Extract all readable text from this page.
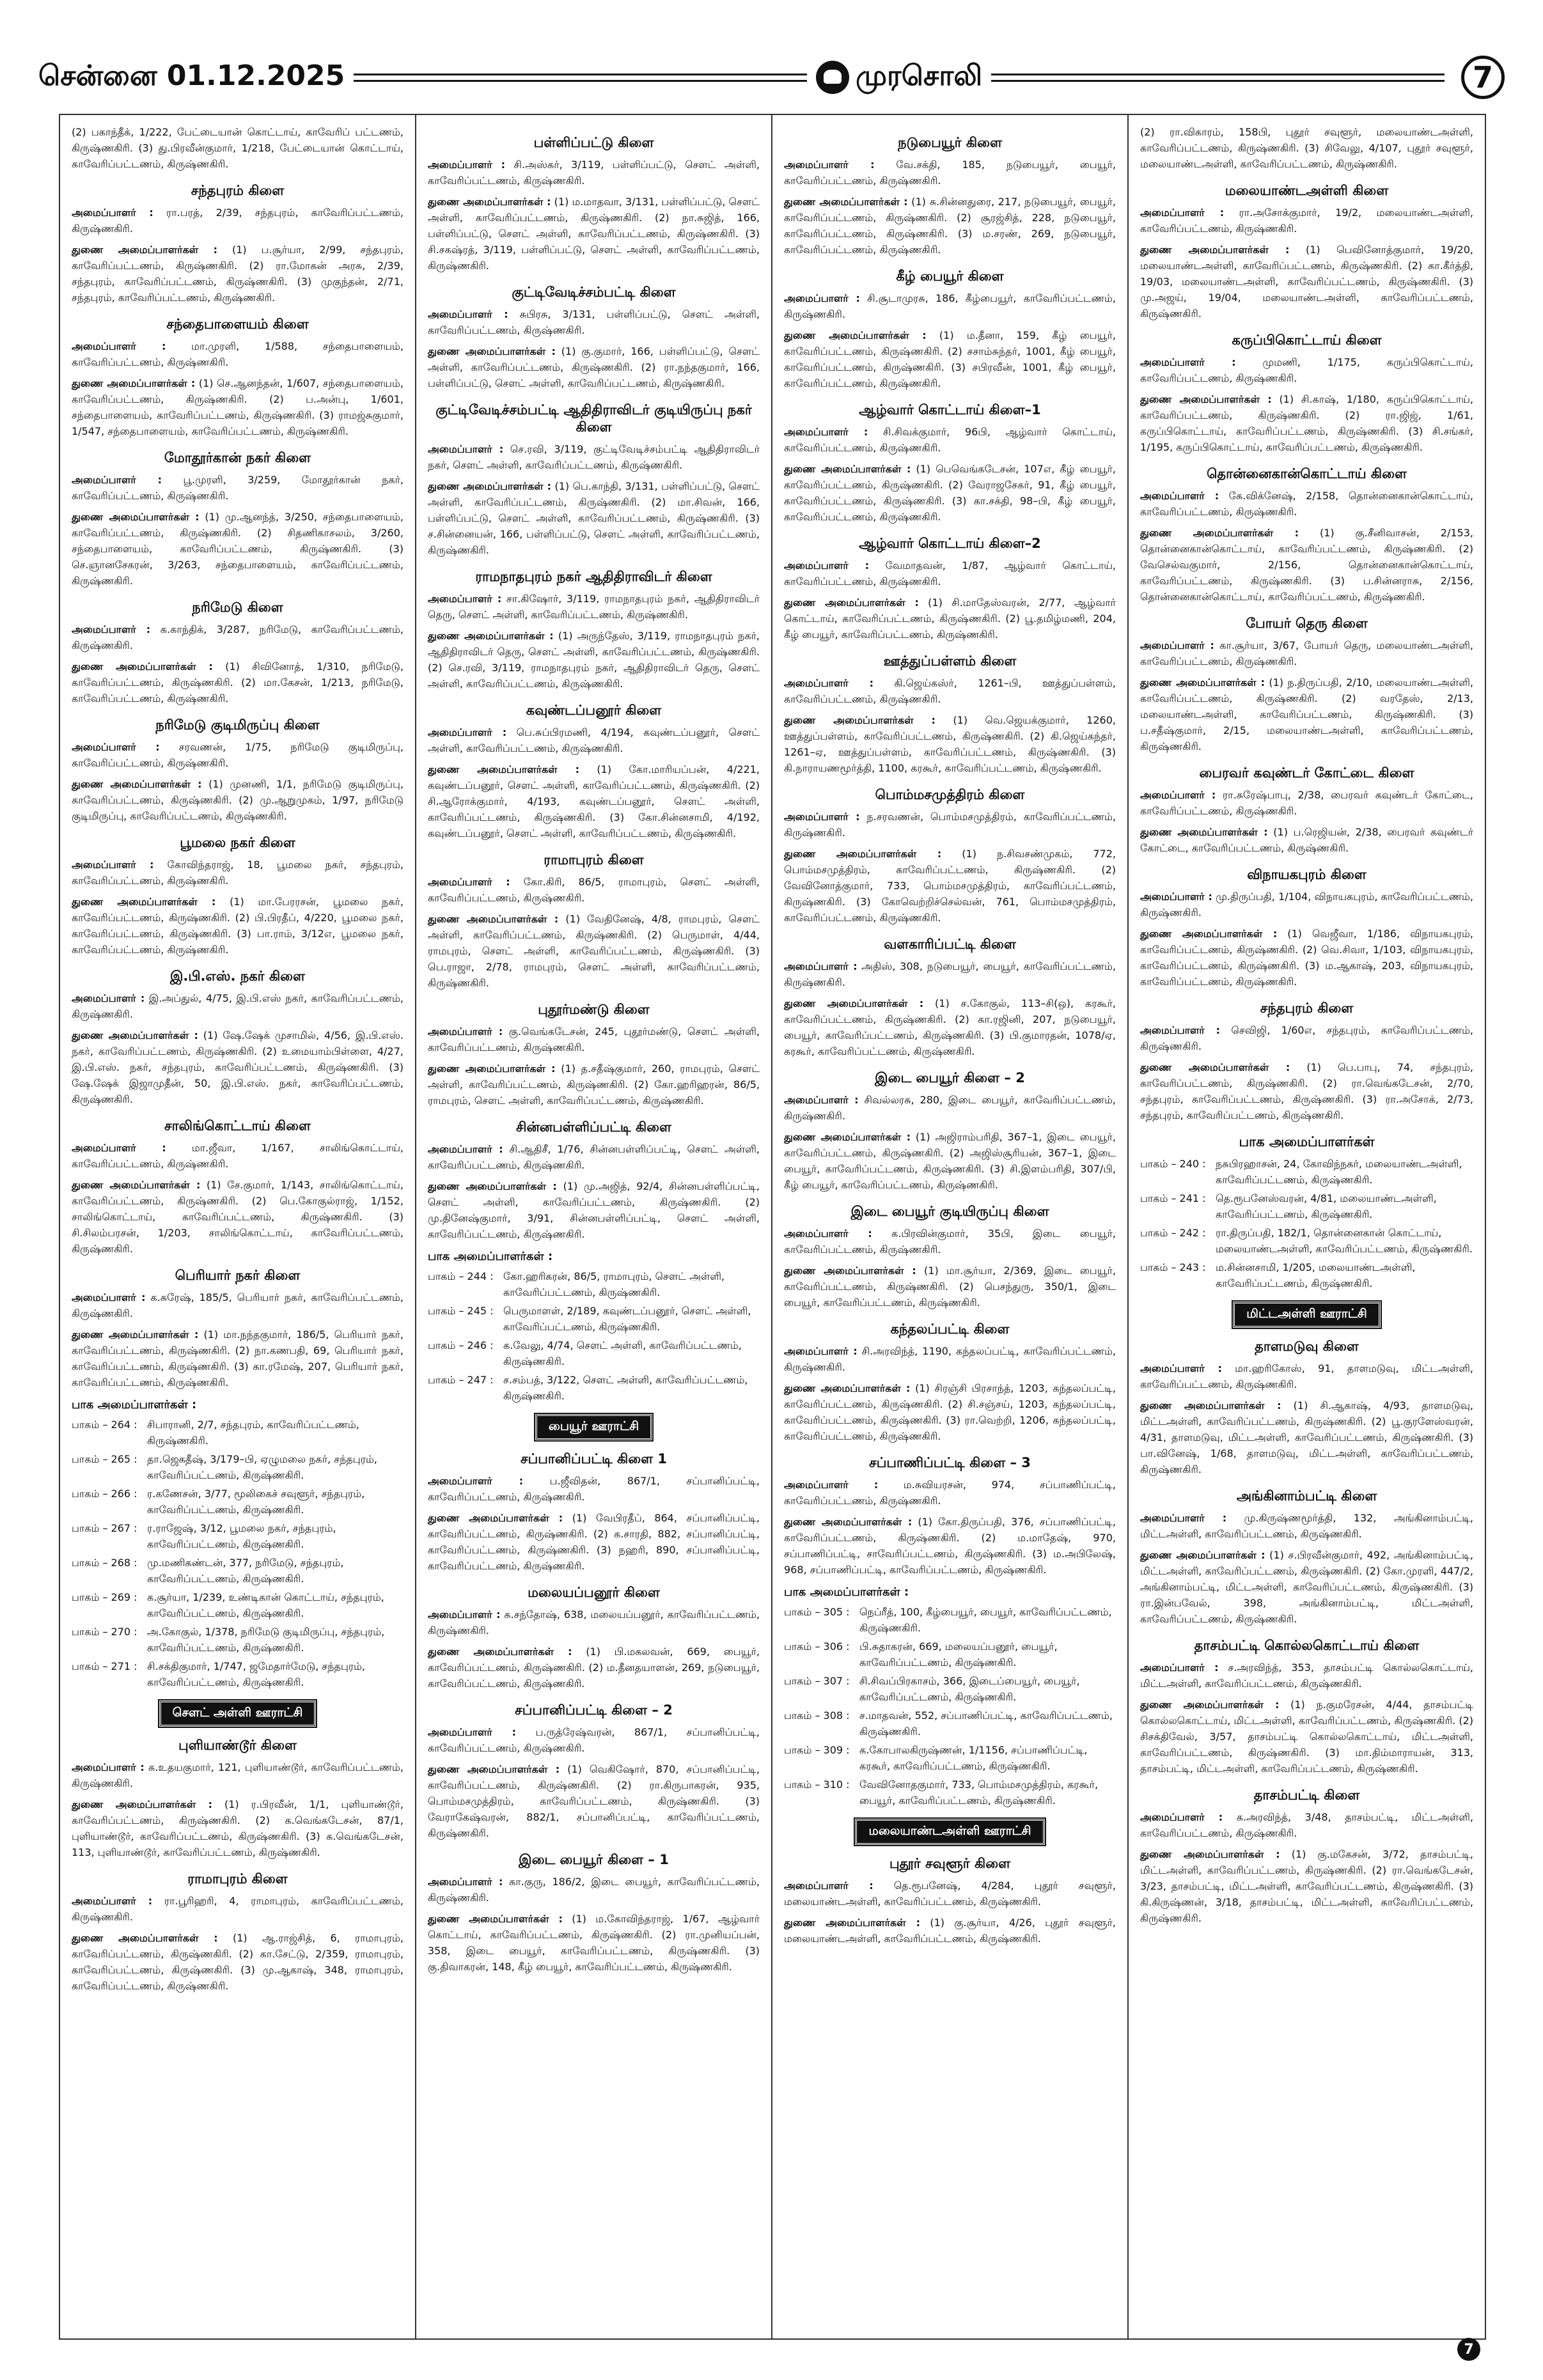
சென்னை 01.12.2025	முரசொலி	7
(2) பகாந்தீக், 1/222, பேட்டையான் கொட்டாய், காவேரிப் பட்டணம், கிருஷ்ணகிரி. (3) து.பிரவீன்குமார், 1/218, பேட்டையான் கொட்டாய், காவேரிப்பட்டணம், கிருஷ்ணகிரி.
சந்தபுரம் கிளை
அமைப்பாளர் : ரா.பரத், 2/39, சந்தபுரம், காவேரிப்பட்டணம், கிருஷ்ணகிரி.
துணை அமைப்பாளர்கள் : (1) ப.சூர்யா, 2/99, சந்தபுரம், காவேரிப்பட்டணம், கிருஷ்ணகிரி. (2) ரா.மோகன் அரசு, 2/39, சந்தபுரம், காவேரிப்பட்டணம், கிருஷ்ணகிரி. (3) முகுந்தன், 2/71, சந்தபுரம், காவேரிப்பட்டணம், கிருஷ்ணகிரி.
சந்தைபாளையம் கிளை
அமைப்பாளர் : மா.முரளி, 1/588, சந்தைபாளையம், காவேரிப்பட்டணம், கிருஷ்ணகிரி.
துணை அமைப்பாளர்கள் : (1) செ.ஆனந்தன், 1/607, சந்தைபாளையம், காவேரிப்பட்டணம், கிருஷ்ணகிரி. (2) ப.அன்பு, 1/601, சந்தைபாளையம், காவேரிப்பட்டணம், கிருஷ்ணகிரி. (3) ராமஜ்சுகுமார், 1/547, சந்தைபாளையம், காவேரிப்பட்டணம், கிருஷ்ணகிரி.
மோதூர்கான் நகர் கிளை
அமைப்பாளர் : பூ.முரளி, 3/259, மோதூர்கான் நகர், காவேரிப்பட்டணம், கிருஷ்ணகிரி.
துணை அமைப்பாளர்கள் : (1) மு.ஆனந்த், 3/250, சந்தைபாளையம், காவேரிப்பட்டணம், கிருஷ்ணகிரி. (2) சிதணிகாசலம், 3/260, சந்தைபாளையம், காவேரிப்பட்டணம், கிருஷ்ணகிரி. (3) செ.ஞானசேகரன், 3/263, சந்தைபாளையம், காவேரிப்பட்டணம், கிருஷ்ணகிரி.
நரிமேடு கிளை
அமைப்பாளர் : க.காந்திக், 3/287, நரிமேடு, காவேரிப்பட்டணம், கிருஷ்ணகிரி.
துணை அமைப்பாளர்கள் : (1) சிவினோத், 1/310, நரிமேடு, காவேரிப்பட்டணம், கிருஷ்ணகிரி. (2) மா.கேசன், 1/213, நரிமேடு, காவேரிப்பட்டணம், கிருஷ்ணகிரி.
நரிமேடு குடிமிருப்பு கிளை
அமைப்பாளர் : சரவணன், 1/75, நரிமேடு குடிமிருப்பு, காவேரிப்பட்டணம், கிருஷ்ணகிரி.
துணை அமைப்பாளர்கள் : (1) முனணி, 1/1, நரிமேடு குடிமிருப்பு, காவேரிப்பட்டணம், கிருஷ்ணகிரி. (2) மு.ஆறுமுகம், 1/97, நரிமேடு குடிமிருப்பு, காவேரிப்பட்டணம், கிருஷ்ணகிரி.
பூமலை நகர் கிளை
அமைப்பாளர் : கோவிந்தராஜ், 18, பூமலை நகர், சந்தபுரம், காவேரிப்பட்டணம், கிருஷ்ணகிரி.
துணை அமைப்பாளர்கள் : (1) மா.பேரரசன், பூமலை நகர், காவேரிப்பட்டணம், கிருஷ்ணகிரி. (2) பி.பிரதீப், 4/220, பூமலை நகர், காவேரிப்பட்டணம், கிருஷ்ணகிரி. (3) பா.ராம், 3/12எ, பூமலை நகர், காவேரிப்பட்டணம், கிருஷ்ணகிரி.
இ.பி.எஸ். நகர் கிளை
அமைப்பாளர் : இ.அப்துல், 4/75, இ.பி.எஸ் நகர், காவேரிப்பட்டணம், கிருஷ்ணகிரி.
துணை அமைப்பாளர்கள் : (1) ஷே.ஷேக் முசாமில், 4/56, இ.பி.எஸ். நகர், காவேரிப்பட்டணம், கிருஷ்ணகிரி. (2) உமையாம்பிள்ளை, 4/27, இ.பி.எஸ். நகர், சந்தபுரம், காவேரிப்பட்டணம், கிருஷ்ணகிரி. (3) ஷே.ஷேக் இஜாமுதீன், 50, இ.பி.எஸ். நகர், காவேரிப்பட்டணம், கிருஷ்ணகிரி.
சாலிங்கொட்டாய் கிளை
அமைப்பாளர் : மா.ஜீவா, 1/167, சாலிங்கொட்டாய், காவேரிப்பட்டணம், கிருஷ்ணகிரி.
துணை அமைப்பாளர்கள் : (1) சே.குமார், 1/143, சாலிங்கொட்டாய், காவேரிப்பட்டணம், கிருஷ்ணகிரி. (2) பெ.கோகுல்ராஜ், 1/152, சாலிங்கொட்டாய், காவேரிப்பட்டணம், கிருஷ்ணகிரி. (3) சி.சிலம்பரசன், 1/203, சாலிங்கொட்டாய், காவேரிப்பட்டணம், கிருஷ்ணகிரி.
பெரியார் நகர் கிளை
அமைப்பாளர் : க.சுரேஷ், 185/5, பெரியார் நகர், காவேரிப்பட்டணம், கிருஷ்ணகிரி.
துணை அமைப்பாளர்கள் : (1) மா.நந்தகுமார், 186/5, பெரியார் நகர், காவேரிப்பட்டணம், கிருஷ்ணகிரி. (2) நா.கணபதி, 69, பெரியார் நகர், காவேரிப்பட்டணம், கிருஷ்ணகிரி. (3) கா.ரமேஷ், 207, பெரியார் நகர், காவேரிப்பட்டணம், கிருஷ்ணகிரி.
பாக அமைப்பாளர்கள் :
பாகம் – 264 : சிபாரானி, 2/7, சந்தபுரம், காவேரிப்பட்டணம், கிருஷ்ணகிரி.
பாகம் – 265 : தா.ஜெகதீஷ், 3/179–பி, ஏழுமலை நகர், சந்தபுரம், காவேரிப்பட்டணம், கிருஷ்ணகிரி.
பாகம் – 266 : ர.கணேசன், 3/77, மூலிகைச் சவுளூர், சந்தபுரம், காவேரிப்பட்டணம், கிருஷ்ணகிரி.
பாகம் – 267 : ர.ராஜேஷ், 3/12, பூமலை நகர், சந்தபுரம், காவேரிப்பட்டணம், கிருஷ்ணகிரி.
பாகம் – 268 : மு.மணிகண்டன், 377, நரிமேடு, சந்தபுரம், காவேரிப்பட்டணம், கிருஷ்ணகிரி.
பாகம் – 269 : க.சூர்யா, 1/239, உண்டிகான் கொட்டாய், சந்தபுரம், காவேரிப்பட்டணம், கிருஷ்ணகிரி.
பாகம் – 270 : அ.கோகுல், 1/378, நரிமேடு குடிமிருப்பு, சந்தபுரம், காவேரிப்பட்டணம், கிருஷ்ணகிரி.
பாகம் – 271 : சி.சக்திகுமார், 1/747, ஜமேதார்மேடு, சந்தபுரம், காவேரிப்பட்டணம், கிருஷ்ணகிரி.
சௌட் அள்ளி ஊராட்சி
புளியாண்டூர் கிளை
அமைப்பாளர் : க.உதயகுமார், 121, புளியாண்டூர், காவேரிப்பட்டணம், கிருஷ்ணகிரி.
துணை அமைப்பாளர்கள் : (1) ர.பிரவீன், 1/1, புளியாண்டூர், காவேரிப்பட்டணம், கிருஷ்ணகிரி. (2) க.வெங்கடேசன், 87/1, புளியாண்டூர், காவேரிப்பட்டணம், கிருஷ்ணகிரி. (3) க.வெங்கடேசன், 113, புளியாண்டூர், காவேரிப்பட்டணம், கிருஷ்ணகிரி.
ராமாபுரம் கிளை
அமைப்பாளர் : ரா.பூரிஹரி, 4, ராமாபுரம், காவேரிப்பட்டணம், கிருஷ்ணகிரி.
துணை அமைப்பாளர்கள் : (1) ஆ.ராஜ்சித், 6, ராமாபுரம், காவேரிப்பட்டணம், கிருஷ்ணகிரி. (2) கா.சேட்டு, 2/359, ராமாபுரம், காவேரிப்பட்டணம், கிருஷ்ணகிரி. (3) மு.ஆகாஷ், 348, ராமாபுரம், காவேரிப்பட்டணம், கிருஷ்ணகிரி.
பள்ளிப்பட்டு கிளை
அமைப்பாளர் : சி.அஸ்கர், 3/119, பள்ளிப்பட்டு, சௌட் அள்ளி, காவேரிப்பட்டணம், கிருஷ்ணகிரி.
துணை அமைப்பாளர்கள் : (1) ம.மாதவா, 3/131, பள்ளிப்பட்டு, சௌட் அள்ளி, காவேரிப்பட்டணம், கிருஷ்ணகிரி. (2) நா.சுஜித், 166, பள்ளிப்பட்டு, சௌட் அள்ளி, காவேரிப்பட்டணம், கிருஷ்ணகிரி. (3) சி.சகஷ்ரத், 3/119, பள்ளிப்பட்டு, சௌட் அள்ளி, காவேரிப்பட்டணம், கிருஷ்ணகிரி.
குட்டிவேடிச்சம்பட்டி கிளை
அமைப்பாளர் : சுபிரசு, 3/131, பள்ளிப்பட்டு, சௌட் அள்ளி, காவேரிப்பட்டணம், கிருஷ்ணகிரி.
துணை அமைப்பாளர்கள் : (1) கு.குமார், 166, பள்ளிப்பட்டு, சௌட் அள்ளி, காவேரிப்பட்டணம், கிருஷ்ணகிரி. (2) ரா.நந்தகுமார், 166, பள்ளிப்பட்டு, சௌட் அள்ளி, காவேரிப்பட்டணம், கிருஷ்ணகிரி.
குட்டிவேடிச்சம்பட்டி ஆதிதிராவிடர் குடியிருப்பு நகர் கிளை
அமைப்பாளர் : செ.ரவி, 3/119, குட்டிவேடிச்சம்பட்டி ஆதிதிராவிடர் நகர், சௌட் அள்ளி, காவேரிப்பட்டணம், கிருஷ்ணகிரி.
துணை அமைப்பாளர்கள் : (1) பெ.காந்தி, 3/131, பள்ளிப்பட்டு, சௌட் அள்ளி, காவேரிப்பட்டணம், கிருஷ்ணகிரி. (2) மா.சிவன், 166, பள்ளிப்பட்டு, சௌட் அள்ளி, காவேரிப்பட்டணம், கிருஷ்ணகிரி. (3) ச.சின்னையன், 166, பள்ளிப்பட்டு, சௌட் அள்ளி, காவேரிப்பட்டணம், கிருஷ்ணகிரி.
ராமநாதபுரம் நகர் ஆதிதிராவிடர் கிளை
அமைப்பாளர் : சா.கிஷோர், 3/119, ராமநாதபுரம் நகர், ஆதிதிராவிடர் தெரு, சௌட் அள்ளி, காவேரிப்பட்டணம், கிருஷ்ணகிரி.
துணை அமைப்பாளர்கள் : (1) அருந்தேஸ், 3/119, ராமநாதபுரம் நகர், ஆதிதிராவிடர் தெரு, சௌட் அள்ளி, காவேரிப்பட்டணம், கிருஷ்ணகிரி. (2) செ.ரவி, 3/119, ராமநாதபுரம் நகர், ஆதிதிராவிடர் தெரு, சௌட் அள்ளி, காவேரிப்பட்டணம், கிருஷ்ணகிரி.
கவுண்டப்பனூர் கிளை
அமைப்பாளர் : பெ.சுப்பிரமணி, 4/194, கவுண்டப்பனூர், சௌட் அள்ளி, காவேரிப்பட்டணம், கிருஷ்ணகிரி.
துணை அமைப்பாளர்கள் : (1) கோ.மாரியப்பன், 4/221, கவுண்டப்பனூர், சௌட் அள்ளி, காவேரிப்பட்டணம், கிருஷ்ணகிரி. (2) சி.ஆரோக்குமார், 4/193, கவுண்டப்பனூர், சௌட் அள்ளி, காவேரிப்பட்டணம், கிருஷ்ணகிரி. (3) கோ.சின்னசாமி, 4/192, கவுண்டப்பனூர், சௌட் அள்ளி, காவேரிப்பட்டணம், கிருஷ்ணகிரி.
ராமாபுரம் கிளை
அமைப்பாளர் : கோ.கிரி, 86/5, ராமாபுரம், சௌட் அள்ளி, காவேரிப்பட்டணம், கிருஷ்ணகிரி.
துணை அமைப்பாளர்கள் : (1) வேதினேஷ், 4/8, ராமபுரம், சௌட் அள்ளி, காவேரிப்பட்டணம், கிருஷ்ணகிரி. (2) பெருமாள், 4/44, ராமபுரம், சௌட் அள்ளி, காவேரிப்பட்டணம், கிருஷ்ணகிரி. (3) பெ.ராஜா, 2/78, ராமபுரம், சௌட் அள்ளி, காவேரிப்பட்டணம், கிருஷ்ணகிரி.
புதூர்மண்டு கிளை
அமைப்பாளர் : கு.வெங்கடேசன், 245, புதூர்மண்டு, சௌட் அள்ளி, காவேரிப்பட்டணம், கிருஷ்ணகிரி.
துணை அமைப்பாளர்கள் : (1) த.சதீஷ்குமார், 260, ராமபுரம், சௌட் அள்ளி, காவேரிப்பட்டணம், கிருஷ்ணகிரி. (2) கோ.ஹரிஹரன், 86/5, ராமபுரம், சௌட் அள்ளி, காவேரிப்பட்டணம், கிருஷ்ணகிரி.
சின்னபள்ளிப்பட்டி கிளை
அமைப்பாளர் : சி.ஆதிசீ, 1/76, சின்னபள்ளிப்பட்டி, சௌட் அள்ளி, காவேரிப்பட்டணம், கிருஷ்ணகிரி.
துணை அமைப்பாளர்கள் : (1) மு.அஜித், 92/4, சின்னபள்ளிப்பட்டி, சௌட் அள்ளி, காவேரிப்பட்டணம், கிருஷ்ணகிரி. (2) மு.தினேஷ்குமார், 3/91, சின்னபள்ளிப்பட்டி, சௌட் அள்ளி, காவேரிப்பட்டணம், கிருஷ்ணகிரி.
பாக அமைப்பாளர்கள் :
பாகம் – 244 : கோ.ஹரிகரன், 86/5, ராமாபுரம், சௌட் அள்ளி, காவேரிப்பட்டணம், கிருஷ்ணகிரி.
பாகம் – 245 : பெருமாளள், 2/189, கவுண்டப்பனூர், சௌட் அள்ளி, காவேரிப்பட்டணம், கிருஷ்ணகிரி.
பாகம் – 246 : க.வேலு, 4/74, சௌட் அள்ளி, காவேரிப்பட்டணம், கிருஷ்ணகிரி.
பாகம் – 247 : ச.சம்பத், 3/122, சௌட் அள்ளி, காவேரிப்பட்டணம், கிருஷ்ணகிரி.
பையூர் ஊராட்சி
சப்பானிப்பட்டி கிளை 1
அமைப்பாளர் : ப.ஜீவிதன், 867/1, சப்பானிப்பட்டி, காவேரிப்பட்டணம், கிருஷ்ணகிரி.
துணை அமைப்பாளர்கள் : (1) வேபிரதீப், 864, சப்பானிப்பட்டி, காவேரிப்பட்டணம், கிருஷ்ணகிரி. (2) க.சாரதி, 882, சப்பானிப்பட்டி, காவேரிப்பட்டணம், கிருஷ்ணகிரி. (3) நஹரி, 890, சப்பானிப்பட்டி, காவேரிப்பட்டணம், கிருஷ்ணகிரி.
மலையப்பனூர் கிளை
அமைப்பாளர் : க.சந்தோஷ், 638, மலையப்பனூர், காவேரிப்பட்டணம், கிருஷ்ணகிரி.
துணை அமைப்பாளர்கள் : (1) பி.மகலவன், 669, பையூர், காவேரிப்பட்டணம், கிருஷ்ணகிரி. (2) ம.தீனதயாளன், 269, நடுபையூர், காவேரிப்பட்டணம், கிருஷ்ணகிரி.
சப்பானிப்பட்டி கிளை – 2
அமைப்பாளர் : ப.ருத்ரேஷ்வரன், 867/1, சப்பானிப்பட்டி, காவேரிப்பட்டணம், கிருஷ்ணகிரி.
துணை அமைப்பாளர்கள் : (1) வெகிஷோர், 870, சப்பானிப்பட்டி, காவேரிப்பட்டணம், கிருஷ்ணகிரி. (2) ரா.கிருபாகரன், 935, பொம்மசமுத்திரம், காவேரிப்பட்டணம், கிருஷ்ணகிரி. (3) வேராகேஷ்வரன், 882/1, சப்பானிப்பட்டி, காவேரிப்பட்டணம், கிருஷ்ணகிரி.
இடை பையூர் கிளை – 1
அமைப்பாளர் : கா.குரு, 186/2, இடை பையூர், காவேரிப்பட்டணம், கிருஷ்ணகிரி.
துணை அமைப்பாளர்கள் : (1) ம.கோவிந்தராஜ், 1/67, ஆழ்வார் கொட்டாய், காவேரிப்பட்டணம், கிருஷ்ணகிரி. (2) ரா.முனியப்பன், 358, இடை பையூர், காவேரிப்பட்டணம், கிருஷ்ணகிரி. (3) கு.திவாகரன், 148, கீழ் பையூர், காவேரிப்பட்டணம், கிருஷ்ணகிரி.
நடுபையூர் கிளை
அமைப்பாளர் : வே.சக்தி, 185, நடுபையூர், பையூர், காவேரிப்பட்டணம், கிருஷ்ணகிரி.
துணை அமைப்பாளர்கள் : (1) சு.சின்னதுரை, 217, நடுபையூர், பையூர், காவேரிப்பட்டணம், கிருஷ்ணகிரி. (2) சூரஜ்சித், 228, நடுபையூர், காவேரிப்பட்டணம், கிருஷ்ணகிரி. (3) ம.சரண், 269, நடுபையூர், காவேரிப்பட்டணம், கிருஷ்ணகிரி.
கீழ் பையூர் கிளை
அமைப்பாளர் : சி.சூடாமுரசு, 186, கீழ்பையூர், காவேரிப்பட்டணம், கிருஷ்ணகிரி.
துணை அமைப்பாளர்கள் : (1) ம.தீனா, 159, கீழ் பையூர், காவேரிப்பட்டணம், கிருஷ்ணகிரி. (2) சசாம்சுந்தர், 1001, கீழ் பையூர், காவேரிப்பட்டணம், கிருஷ்ணகிரி. (3) சபிரவீன், 1001, கீழ் பையூர், காவேரிப்பட்டணம், கிருஷ்ணகிரி.
ஆழ்வார் கொட்டாய் கிளை–1
அமைப்பாளர் : சி.சிவக்குமார், 96பி, ஆழ்வார் கொட்டாய், காவேரிப்பட்டணம், கிருஷ்ணகிரி.
துணை அமைப்பாளர்கள் : (1) பெவெங்கடேசன், 107எ, கீழ் பையூர், காவேரிப்பட்டணம், கிருஷ்ணகிரி. (2) வேராஜசேகர், 91, கீழ் பையூர், காவேரிப்பட்டணம், கிருஷ்ணகிரி. (3) கா.சக்தி, 98–பி, கீழ் பையூர், காவேரிப்பட்டணம், கிருஷ்ணகிரி.
ஆழ்வார் கொட்டாய் கிளை–2
அமைப்பாளர் : வேமாதவன், 1/87, ஆழ்வார் கொட்டாய், காவேரிப்பட்டணம், கிருஷ்ணகிரி.
துணை அமைப்பாளர்கள் : (1) சி.மாதேஸ்வரன், 2/77, ஆழ்வார் கொட்டாய், காவேரிப்பட்டணம், கிருஷ்ணகிரி. (2) பூ.தமிழ்மணி, 204, கீழ் பையூர், காவேரிப்பட்டணம், கிருஷ்ணகிரி.
ஊத்துப்பள்ளம் கிளை
அமைப்பாளர் : கி.ஜெய்கஸ்ர், 1261–பி, ஊத்துப்பள்ளம், காவேரிப்பட்டணம், கிருஷ்ணகிரி.
துணை அமைப்பாளர்கள் : (1) வெ.ஜெயக்குமார், 1260, ஊத்துப்பள்ளம், காவேரிப்பட்டணம், கிருஷ்ணகிரி. (2) கி.ஜெய்கந்தர், 1261–ஏ, ஊத்துப்பள்ளம், காவேரிப்பட்டணம், கிருஷ்ணகிரி. (3) கி.நாராயணமூர்த்தி, 1100, கரகூர், காவேரிப்பட்டணம், கிருஷ்ணகிரி.
பொம்மசமுத்திரம் கிளை
அமைப்பாளர் : ந.சரவணன், பொம்மசமுத்திரம், காவேரிப்பட்டணம், கிருஷ்ணகிரி.
துணை அமைப்பாளர்கள் : (1) ந.சிவசண்முகம், 772, பொம்மசமுத்திரம், காவேரிப்பட்டணம், கிருஷ்ணகிரி. (2) வேவினோத்குமார், 733, பொம்மசமுத்திரம், காவேரிப்பட்டணம், கிருஷ்ணகிரி. (3) கோவெற்றிச்செல்வன், 761, பொம்மசமுத்திரம், காவேரிப்பட்டணம், கிருஷ்ணகிரி.
வளகாரிப்பட்டி கிளை
அமைப்பாளர் : அதிஸ், 308, நடுபையூர், பையூர், காவேரிப்பட்டணம், கிருஷ்ணகிரி.
துணை அமைப்பாளர்கள் : (1) ச.கோகுல், 113–சி(ஒ), கரகூர், காவேரிப்பட்டணம், கிருஷ்ணகிரி. (2) கா.ரஜினி, 207, நடுபையூர், பையூர், காவேரிப்பட்டணம், கிருஷ்ணகிரி. (3) பி.குமாரதன், 1078/ஏ, கரகூர், காவேரிப்பட்டணம், கிருஷ்ணகிரி.
இடை பையூர் கிளை – 2
அமைப்பாளர் : சிவல்லரசு, 280, இடை பையூர், காவேரிப்பட்டணம், கிருஷ்ணகிரி.
துணை அமைப்பாளர்கள் : (1) அஜிராம்பரிதி, 367–1, இடை பையூர், காவேரிப்பட்டணம், கிருஷ்ணகிரி. (2) அஜிஸ்சூரியன், 367–1, இடை பையூர், காவேரிப்பட்டணம், கிருஷ்ணகிரி. (3) சி.இளம்பரிதி, 307/பி, கீழ் பையூர், காவேரிப்பட்டணம், கிருஷ்ணகிரி.
இடை பையூர் குடியிருப்பு கிளை
அமைப்பாளர் : க.பிரவின்குமார், 35பி, இடை பையூர், காவேரிப்பட்டணம், கிருஷ்ணகிரி.
துணை அமைப்பாளர்கள் : (1) மா.சூர்யா, 2/369, இடை பையூர், காவேரிப்பட்டணம், கிருஷ்ணகிரி. (2) பெசந்துரு, 350/1, இடை பையூர், காவேரிப்பட்டணம், கிருஷ்ணகிரி.
கந்தலப்பட்டி கிளை
அமைப்பாளர் : சி.அரவிந்த், 1190, கந்தலப்பட்டி, காவேரிப்பட்டணம், கிருஷ்ணகிரி.
துணை அமைப்பாளர்கள் : (1) சிரஞ்சி பிரசாந்த், 1203, கந்தலப்பட்டி, காவேரிப்பட்டணம், கிருஷ்ணகிரி. (2) சி.சஞ்சய், 1203, கந்தலப்பட்டி, காவேரிப்பட்டணம், கிருஷ்ணகிரி. (3) ரா.வெற்றி, 1206, கந்தலப்பட்டி, காவேரிப்பட்டணம், கிருஷ்ணகிரி.
சப்பாணிப்பட்டி கிளை – 3
அமைப்பாளர் : ம.சுவியரசன், 974, சப்பாணிப்பட்டி, காவேரிப்பட்டணம், கிருஷ்ணகிரி.
துணை அமைப்பாளர்கள் : (1) கோ.திருப்பதி, 376, சப்பாணிப்பட்டி, காவேரிப்பட்டணம், கிருஷ்ணகிரி. (2) ம.மாதேஷ், 970, சப்பாணிப்பட்டி, சாவேரிப்பட்டணம், கிருஷ்ணகிரி. (3) ம.அபிலேஷ், 968, சப்பாணிப்பட்டி, காவேரிப்பட்டணம், கிருஷ்ணகிரி.
பாக அமைப்பாளர்கள் :
பாகம் – 305 : நெப்ரீத், 100, கீழ்பையூர், பையூர், காவேரிப்பட்டணம், கிருஷ்ணகிரி.
பாகம் – 306 : பி.சுதாகரன், 669, மலையப்பனூர், பையூர், காவேரிப்பட்டணம், கிருஷ்ணகிரி.
பாகம் – 307 : சி.சிவப்பிரகாசம், 366, இடைப்பையூர், பையூர், காவேரிப்பட்டணம், கிருஷ்ணகிரி.
பாகம் – 308 : ச.மாதவன், 552, சப்பாணிப்பட்டி, காவேரிப்பட்டணம், கிருஷ்ணகிரி.
பாகம் – 309 : க.கோபாலகிருஷ்ணன், 1/1156, சப்பாணிப்பட்டி, கரகூர், காவேரிப்பட்டணம், கிருஷ்ணகிரி.
பாகம் – 310 : வேவினோதகுமார், 733, பொம்மசமுத்திரம், கரகூர், பையூர், காவேரிப்பட்டணம், கிருஷ்ணகிரி.
மலையாண்டஅள்ளி ஊராட்சி
புதூர் சவுளூர் கிளை
அமைப்பாளர் : தெ.ரூபனேஷ், 4/284, புதூர் சவுளூர், மலையாண்டஅள்ளி, காவேரிப்பட்டணம், கிருஷ்ணகிரி.
துணை அமைப்பாளர்கள் : (1) கு.சூர்யா, 4/26, புதூர் சவுளூர், மலையாண்டஅள்ளி, காவேரிப்பட்டணம், கிருஷ்ணகிரி.
(2) ரா.விகாரம், 158பி, புதூர் சவுளூர், மலையாண்டஅள்ளி, காவேரிப்பட்டணம், கிருஷ்ணகிரி. (3) சிவேலு, 4/107, புதூர் சவுளூர், மலையாண்டஅள்ளி, காவேரிப்பட்டணம், கிருஷ்ணகிரி.
மலையாண்டஅள்ளி கிளை
அமைப்பாளர் : ரா.அசோக்குமார், 19/2, மலையாண்டஅள்ளி, காவேரிப்பட்டணம், கிருஷ்ணகிரி.
துணை அமைப்பாளர்கள் : (1) பெவினோத்குமார், 19/20, மலையாண்டஅள்ளி, காவேரிப்பட்டணம், கிருஷ்ணகிரி. (2) கா.கீர்த்தி, 19/03, மலையாண்டஅள்ளி, காவேரிப்பட்டணம், கிருஷ்ணகிரி. (3) மு.அஜய், 19/04, மலையாண்டஅள்ளி, காவேரிப்பட்டணம், கிருஷ்ணகிரி.
கருப்பிகொட்டாய் கிளை
அமைப்பாளர் : முமணி, 1/175, கருப்பிகொட்டாய், காவேரிப்பட்டணம், கிருஷ்ணகிரி.
துணை அமைப்பாளர்கள் : (1) சி.காஷ், 1/180, கருப்பிகொட்டாய், காவேரிப்பட்டணம், கிருஷ்ணகிரி. (2) ரா.ஜிஜ், 1/61, கருப்பிகொட்டாய், காவேரிப்பட்டணம், கிருஷ்ணகிரி. (3) சி.சங்கர், 1/195, கருப்பிகொட்டாய், காவேரிப்பட்டணம், கிருஷ்ணகிரி.
தொன்னைகான்கொட்டாய் கிளை
அமைப்பாளர் : கே.விக்னேஷ், 2/158, தொன்னைகான்கொட்டாய், காவேரிப்பட்டணம், கிருஷ்ணகிரி.
துணை அமைப்பாளர்கள் : (1) கு.சீனிவாசன், 2/153, தொன்னைகான்கொட்டாய், காவேரிப்பட்டணம், கிருஷ்ணகிரி. (2) வேசெல்வகுமார், 2/156, தொன்னைகான்கொட்டாய், காவேரிப்பட்டணம், கிருஷ்ணகிரி. (3) ப.சின்னராசு, 2/156, தொன்னைகான்கொட்டாய், காவேரிப்பட்டணம், கிருஷ்ணகிரி.
போயர் தெரு கிளை
அமைப்பாளர் : கா.சூர்யா, 3/67, போயர் தெரு, மலையாண்டஅள்ளி, காவேரிப்பட்டணம், கிருஷ்ணகிரி.
துணை அமைப்பாளர்கள் : (1) ந.திருப்பதி, 2/10, மலையாண்டஅள்ளி, காவேரிப்பட்டணம், கிருஷ்ணகிரி. (2) வரதேஸ், 2/13, மலையாண்டஅள்ளி, காவேரிப்பட்டணம், கிருஷ்ணகிரி. (3) ப.சதீஷ்குமார், 2/15, மலையாண்டஅள்ளி, காவேரிப்பட்டணம், கிருஷ்ணகிரி.
பைரவர் கவுண்டர் கோட்டை கிளை
அமைப்பாளர் : ரா.சுரேஷ்பாபு, 2/38, பைரவர் கவுண்டர் கோட்டை, காவேரிப்பட்டணம், கிருஷ்ணகிரி.
துணை அமைப்பாளர்கள் : (1) ப.ரெஜியன், 2/38, பைரவர் கவுண்டர் கோட்டை, காவேரிப்பட்டணம், கிருஷ்ணகிரி.
விநாயகபுரம் கிளை
அமைப்பாளர் : மு.திருப்பதி, 1/104, விநாயகபுரம், காவேரிப்பட்டணம், கிருஷ்ணகிரி.
துணை அமைப்பாளர்கள் : (1) வெஜீவா, 1/186, விநாயகபுரம், காவேரிப்பட்டணம், கிருஷ்ணகிரி. (2) வெ.சிவா, 1/103, விநாயகபுரம், காவேரிப்பட்டணம், கிருஷ்ணகிரி. (3) ம.ஆகாஷ், 203, விநாயகபுரம், காவேரிப்பட்டணம், கிருஷ்ணகிரி.
சந்தபுரம் கிளை
அமைப்பாளர் : செவிஜி, 1/60எ, சந்தபுரம், காவேரிப்பட்டணம், கிருஷ்ணகிரி.
துணை அமைப்பாளர்கள் : (1) பெ.பாபு, 74, சந்தபுரம், காவேரிப்பட்டணம், கிருஷ்ணகிரி. (2) ரா.வெங்கடேசன், 2/70, சந்தபுரம், காவேரிப்பட்டணம், கிருஷ்ணகிரி. (3) ரா.அசோக், 2/73, சந்தபுரம், காவேரிப்பட்டணம், கிருஷ்ணகிரி.
பாக அமைப்பாளர்கள்
பாகம் – 240 : நசுபிரஹாசன், 24, கோவிந்நகர், மலையாண்டஅள்ளி, காவேரிப்பட்டணம், கிருஷ்ணகிரி.
பாகம் – 241 : தெ.ரூபனேஸ்வரன், 4/81, மலையாண்டஅள்ளி, காவேரிப்பட்டணம், கிருஷ்ணகிரி.
பாகம் – 242 : ரா.திருப்பதி, 182/1, தொன்னைகான் கொட்டாய், மலையாண்டஅள்ளி, காவேரிப்பட்டணம், கிருஷ்ணகிரி.
பாகம் – 243 : ம.சின்னசாமி, 1/205, மலையாண்டஅள்ளி, காவேரிப்பட்டணம், கிருஷ்ணகிரி.
மிட்டஅள்ளி ஊராட்சி
தாளமடுவு கிளை
அமைப்பாளர் : மா.ஹரிகோஸ், 91, தாளமடுவு, மிட்டஅள்ளி, காவேரிப்பட்டணம், கிருஷ்ணகிரி.
துணை அமைப்பாளர்கள் : (1) சி.ஆகாஷ், 4/93, தாளமடுவு, மிட்டஅள்ளி, காவேரிப்பட்டணம், கிருஷ்ணகிரி. (2) பூ.குரளேஸ்வரன், 4/31, தாளமடுவு, மிட்டஅள்ளி, காவேரிப்பட்டணம், கிருஷ்ணகிரி. (3) பா.வினேஷ், 1/68, தாளமடுவு, மிட்டஅள்ளி, காவேரிப்பட்டணம், கிருஷ்ணகிரி.
அங்கினாம்பட்டி கிளை
அமைப்பாளர் : மு.கிருஷ்ணமூர்த்தி, 132, அங்கினாம்பட்டி, மிட்டஅள்ளி, காவேரிப்பட்டணம், கிருஷ்ணகிரி.
துணை அமைப்பாளர்கள் : (1) ச.பிரவீன்குமார், 492, அங்கினாம்பட்டி, மிட்டஅள்ளி, காவேரிப்பட்டணம், கிருஷ்ணகிரி. (2) கோ.முரளி, 447/2, அங்கினாம்பட்டி, மிட்டஅள்ளி, காவேரிப்பட்டணம், கிருஷ்ணகிரி. (3) ரா.இன்பவேல், 398, அங்கினாம்பட்டி, மிட்டஅள்ளி, காவேரிப்பட்டணம், கிருஷ்ணகிரி.
தாசம்பட்டி கொல்லகொட்டாய் கிளை
அமைப்பாளர் : ச.அரவிந்த், 353, தாசம்பட்டி கொல்லகொட்டாய், மிட்டஅள்ளி, காவேரிப்பட்டணம், கிருஷ்ணகிரி.
துணை அமைப்பாளர்கள் : (1) ந.குமரேசன், 4/44, தாசம்பட்டி கொல்லகொட்டாய், மிட்டஅள்ளி, காவேரிப்பட்டணம், கிருஷ்ணகிரி. (2) சிசக்திவேல், 3/57, தாசம்பட்டி கொல்லகொட்டாய், மிட்டஅள்ளி, காவேரிப்பட்டணம், கிருஷ்ணகிரி. (3) மா.திம்மாராயன், 313, தாசம்பட்டி, மிட்டஅள்ளி, காவேரிப்பட்டணம், கிருஷ்ணகிரி.
தாசம்பட்டி கிளை
அமைப்பாளர் : க.அரவிந்த், 3/48, தாசம்பட்டி, மிட்டஅள்ளி, காவேரிப்பட்டணம், கிருஷ்ணகிரி.
துணை அமைப்பாளர்கள் : (1) கு.மகேசன், 3/72, தாசம்பட்டி, மிட்டஅள்ளி, காவேரிப்பட்டணம், கிருஷ்ணகிரி. (2) ரா.வெங்கடேசன், 3/23, தாசம்பட்டி, மிட்டஅள்ளி, காவேரிப்பட்டணம், கிருஷ்ணகிரி. (3) கி.கிருஷ்ணன், 3/18, தாசம்பட்டி, மிட்டஅள்ளி, காவேரிப்பட்டணம், கிருஷ்ணகிரி.
7
